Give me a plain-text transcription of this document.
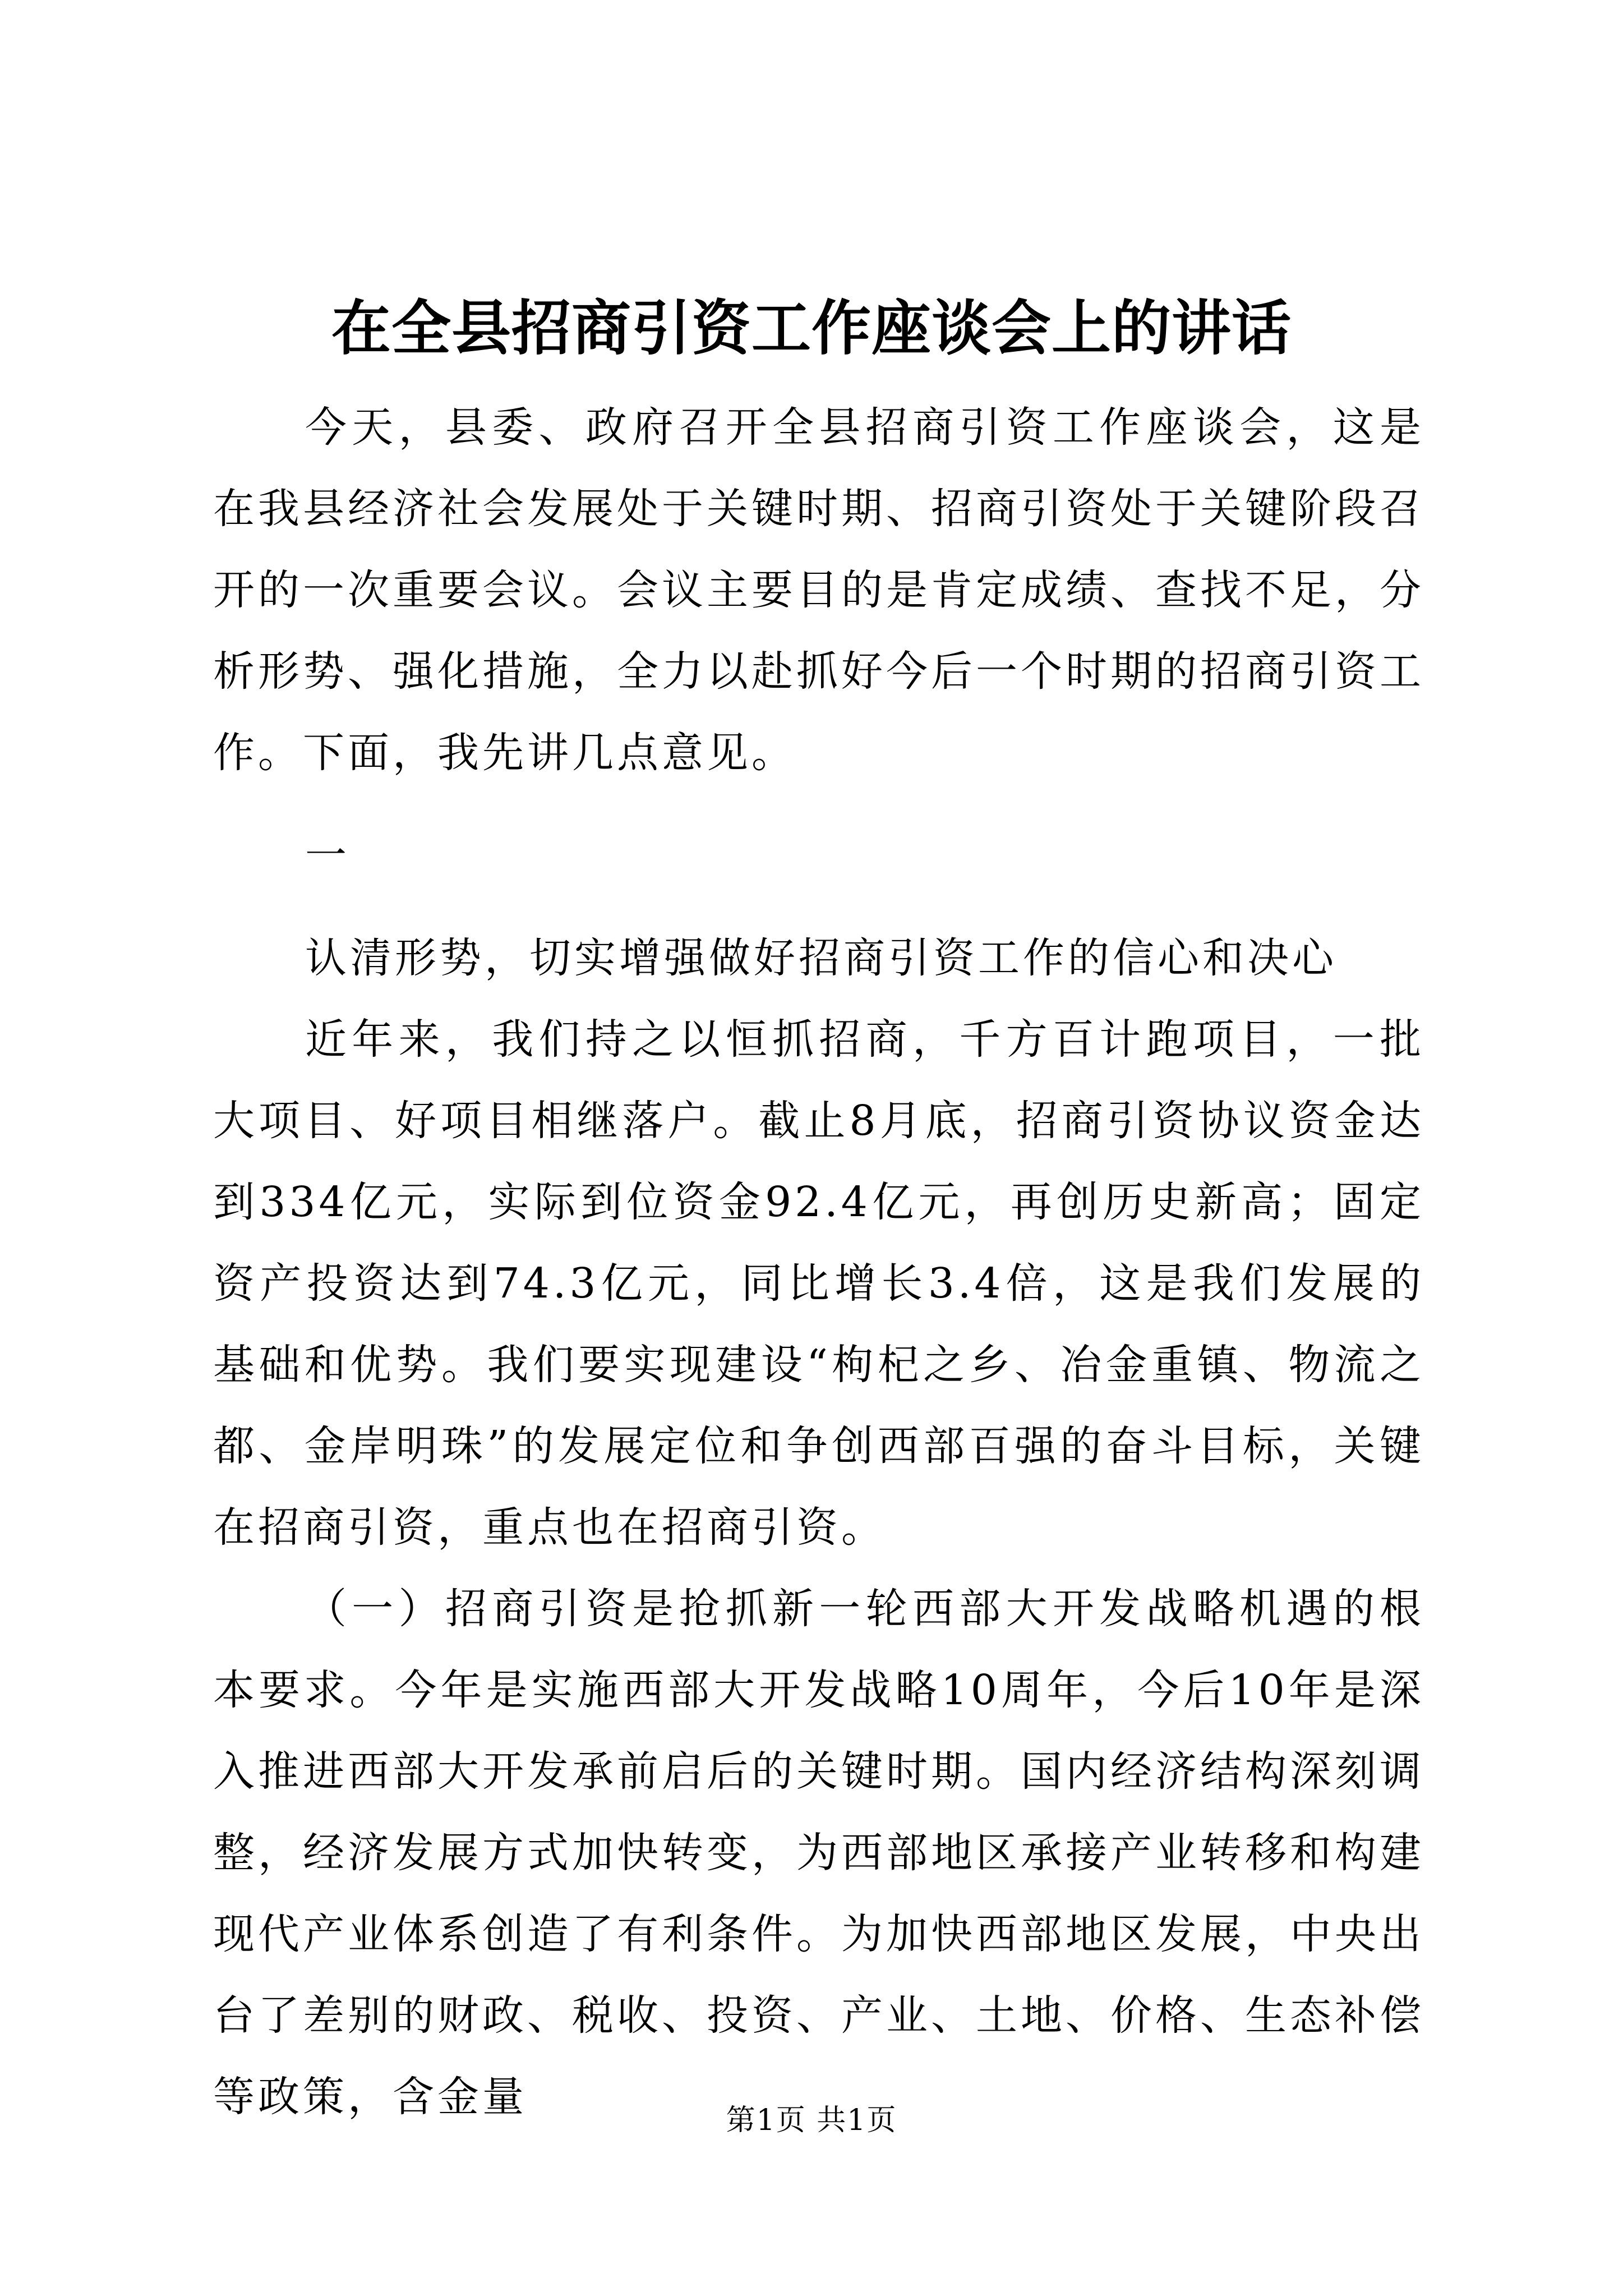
在全县招商引资工作座谈会上的讲话

今天，县委、政府召开全县招商引资工作座谈会，这是在我县经济社会发展处于关键时期、招商引资处于关键阶段召开的一次重要会议。会议主要目的是肯定成绩、查找不足，分析形势、强化措施，全力以赴抓好今后一个时期的招商引资工作。下面，我先讲几点意见。

一

认清形势，切实增强做好招商引资工作的信心和决心

近年来，我们持之以恒抓招商，千方百计跑项目，一批大项目、好项目相继落户。截止8月底，招商引资协议资金达到334亿元，实际到位资金92.4亿元，再创历史新高；固定资产投资达到74.3亿元，同比增长3.4倍，这是我们发展的基础和优势。我们要实现建设“枸杞之乡、冶金重镇、物流之都、金岸明珠”的发展定位和争创西部百强的奋斗目标，关键在招商引资，重点也在招商引资。

（一）招商引资是抢抓新一轮西部大开发战略机遇的根本要求。今年是实施西部大开发战略10周年，今后10年是深入推进西部大开发承前启后的关键时期。国内经济结构深刻调整，经济发展方式加快转变，为西部地区承接产业转移和构建现代产业体系创造了有利条件。为加快西部地区发展，中央出台了差别的财政、税收、投资、产业、土地、价格、生态补偿等政策，含金量	第1页 共1页
